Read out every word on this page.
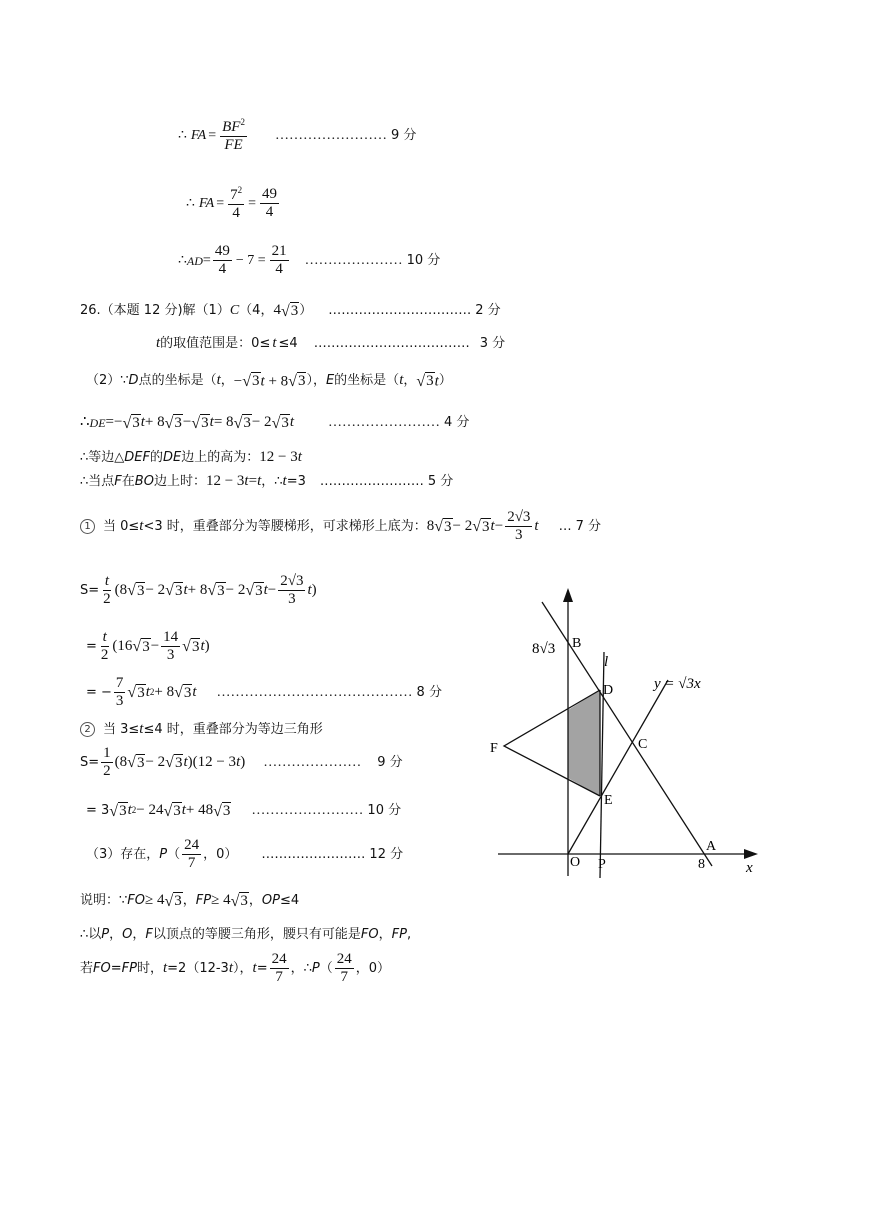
∴ FA = $\frac{BF^2}{FE}$ …………………… 9 分
∴ FA = $\frac{7^2}{4} = \frac{49}{4}$
∴ AD = $\frac{49}{4} - 7 = \frac{21}{4}$ ………………… 10 分
26.（本题 12 分)解（1） C （4， 4 √ 3 ） …………………………… 2 分
t 的取值范围是：0≤ t ≤4 ……………………………… 3 分
（2）∵ D 点的坐标是（ t ， − √ 3 t + 8 √ 3 ）， E 的坐标是（ t ， √ 3 t ）
∴ DE =− √ 3 t + 8 √ 3 − √ 3 t = 8 √ 3 − 2 √ 3 t …………………… 4 分
∴等边△ DEF 的 DE 边上的高为： 12 − 3 t
∴当点 F 在 BO 边上时： 12 − 3 t = t ，∴ t =3 …………………… 5 分
1 当 0≤ t <3 时，重叠部分为等腰梯形，可求梯形上底为： 8 √ 3 − 2 √ 3 $t - \frac{2√3}{3}$ t … 7 分
$S= \frac{t}{2} (8$ √ 3 − 2 √ 3 t + 8 √ 3 − 2 √ 3 $t - \frac{2√3}{3}$ t )
= $\frac{t}{2} (16$ √ $3 - \frac{14}{3}$ √ 3 t )
= − $\frac{7}{3}$ √ 3 t 2 + 8 √ 3 t …………………………………… 8 分
2 当 3≤ t ≤4 时，重叠部分为等边三角形
$S= \frac{1}{2} (8$ √ 3 − 2 √ 3 t )(12 − 3 t ) ………………… 9 分
= 3 √ 3 t 2 − 24 √ 3 t + 48 √ 3 …………………… 10 分
（3）存在， P （ $\frac{24}{7}$ ，0） …………………… 12 分
说明：∵ FO ≥ 4 √ 3 ， FP ≥ 4 √ 3 ， OP ≤4
∴以 P ， O ， F 以顶点的等腰三角形，腰只有可能是 FO ， FP ,
若 FO = FP 时， t =2（12-3 t ）， $t = \frac{24}{7}$ ，∴ P （ $\frac{24}{7}$ ，0）
8√3 B
l
y = √3x
D
C
F
E
A
O P	8	x
